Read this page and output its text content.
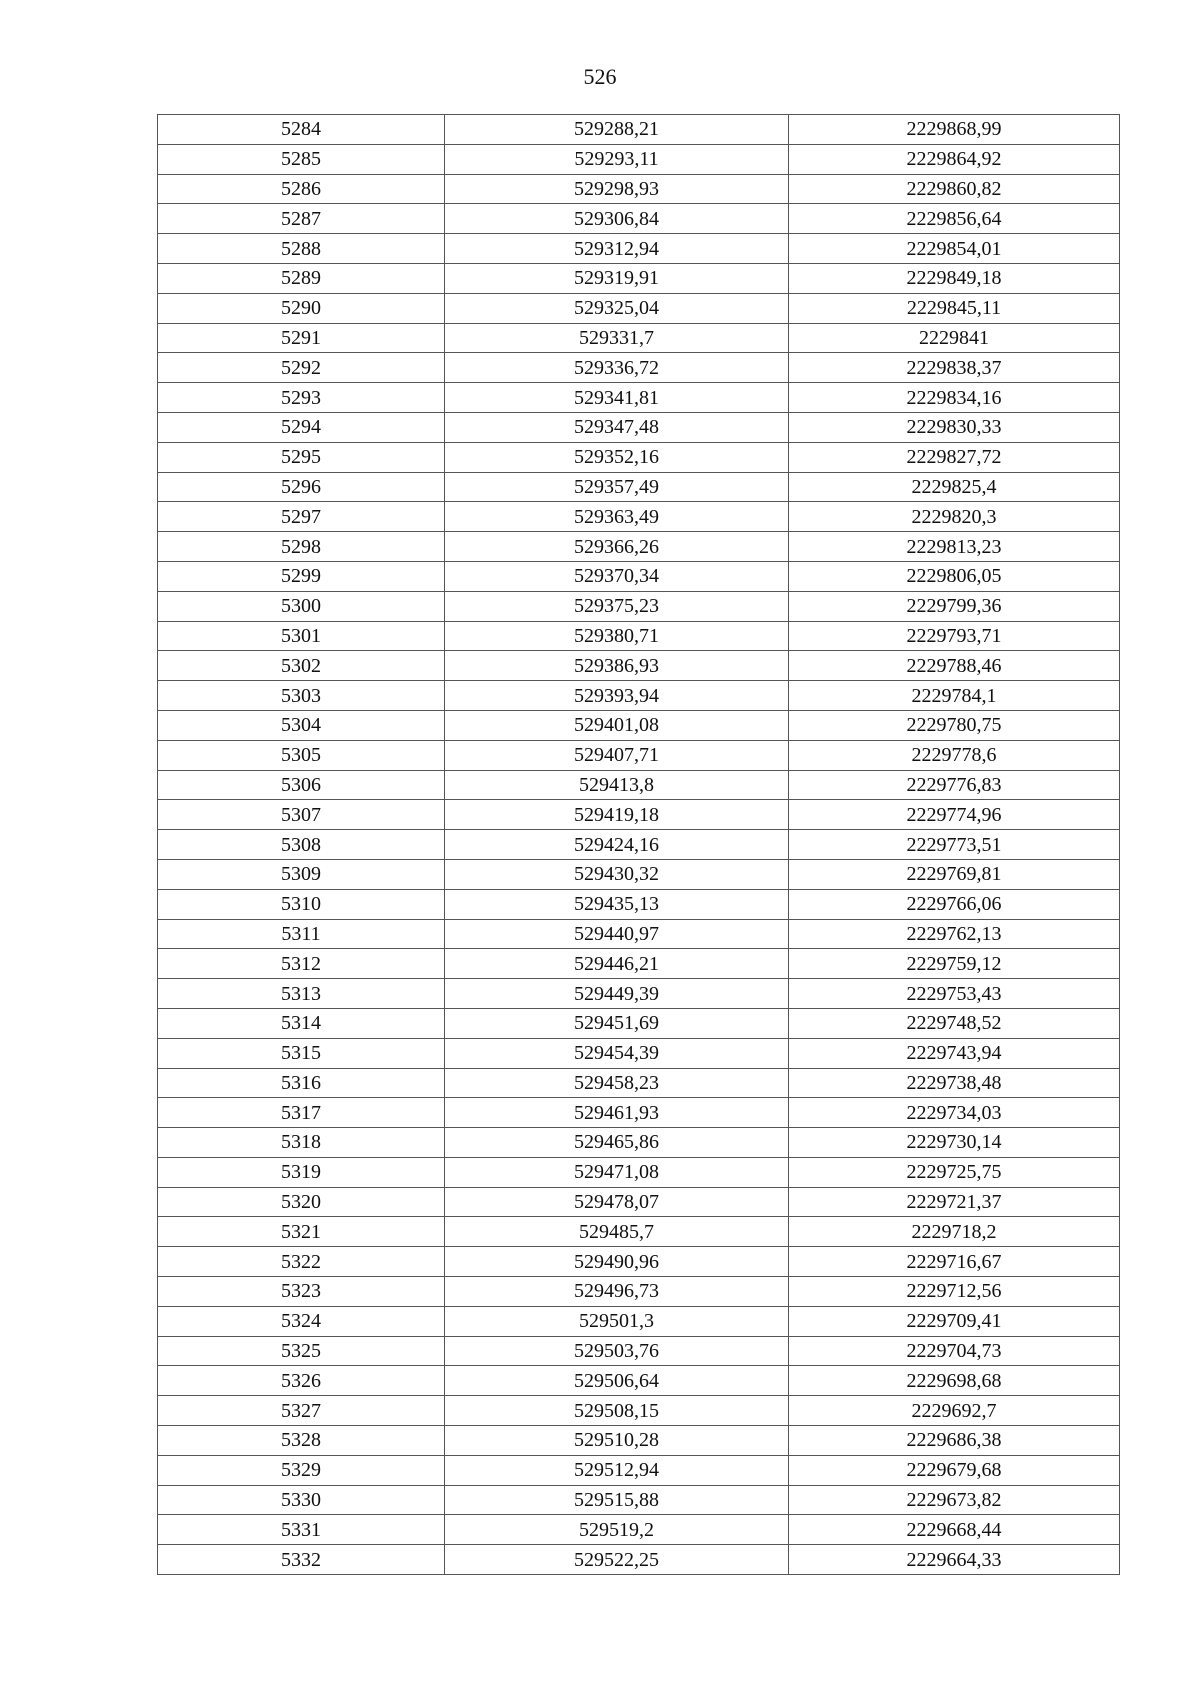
526
5284	529288,21	2229868,99
5285	529293,11	2229864,92
5286	529298,93	2229860,82
5287	529306,84	2229856,64
5288	529312,94	2229854,01
5289	529319,91	2229849,18
5290	529325,04	2229845,11
5291	529331,7	2229841
5292	529336,72	2229838,37
5293	529341,81	2229834,16
5294	529347,48	2229830,33
5295	529352,16	2229827,72
5296	529357,49	2229825,4
5297	529363,49	2229820,3
5298	529366,26	2229813,23
5299	529370,34	2229806,05
5300	529375,23	2229799,36
5301	529380,71	2229793,71
5302	529386,93	2229788,46
5303	529393,94	2229784,1
5304	529401,08	2229780,75
5305	529407,71	2229778,6
5306	529413,8	2229776,83
5307	529419,18	2229774,96
5308	529424,16	2229773,51
5309	529430,32	2229769,81
5310	529435,13	2229766,06
5311	529440,97	2229762,13
5312	529446,21	2229759,12
5313	529449,39	2229753,43
5314	529451,69	2229748,52
5315	529454,39	2229743,94
5316	529458,23	2229738,48
5317	529461,93	2229734,03
5318	529465,86	2229730,14
5319	529471,08	2229725,75
5320	529478,07	2229721,37
5321	529485,7	2229718,2
5322	529490,96	2229716,67
5323	529496,73	2229712,56
5324	529501,3	2229709,41
5325	529503,76	2229704,73
5326	529506,64	2229698,68
5327	529508,15	2229692,7
5328	529510,28	2229686,38
5329	529512,94	2229679,68
5330	529515,88	2229673,82
5331	529519,2	2229668,44
5332	529522,25	2229664,33
